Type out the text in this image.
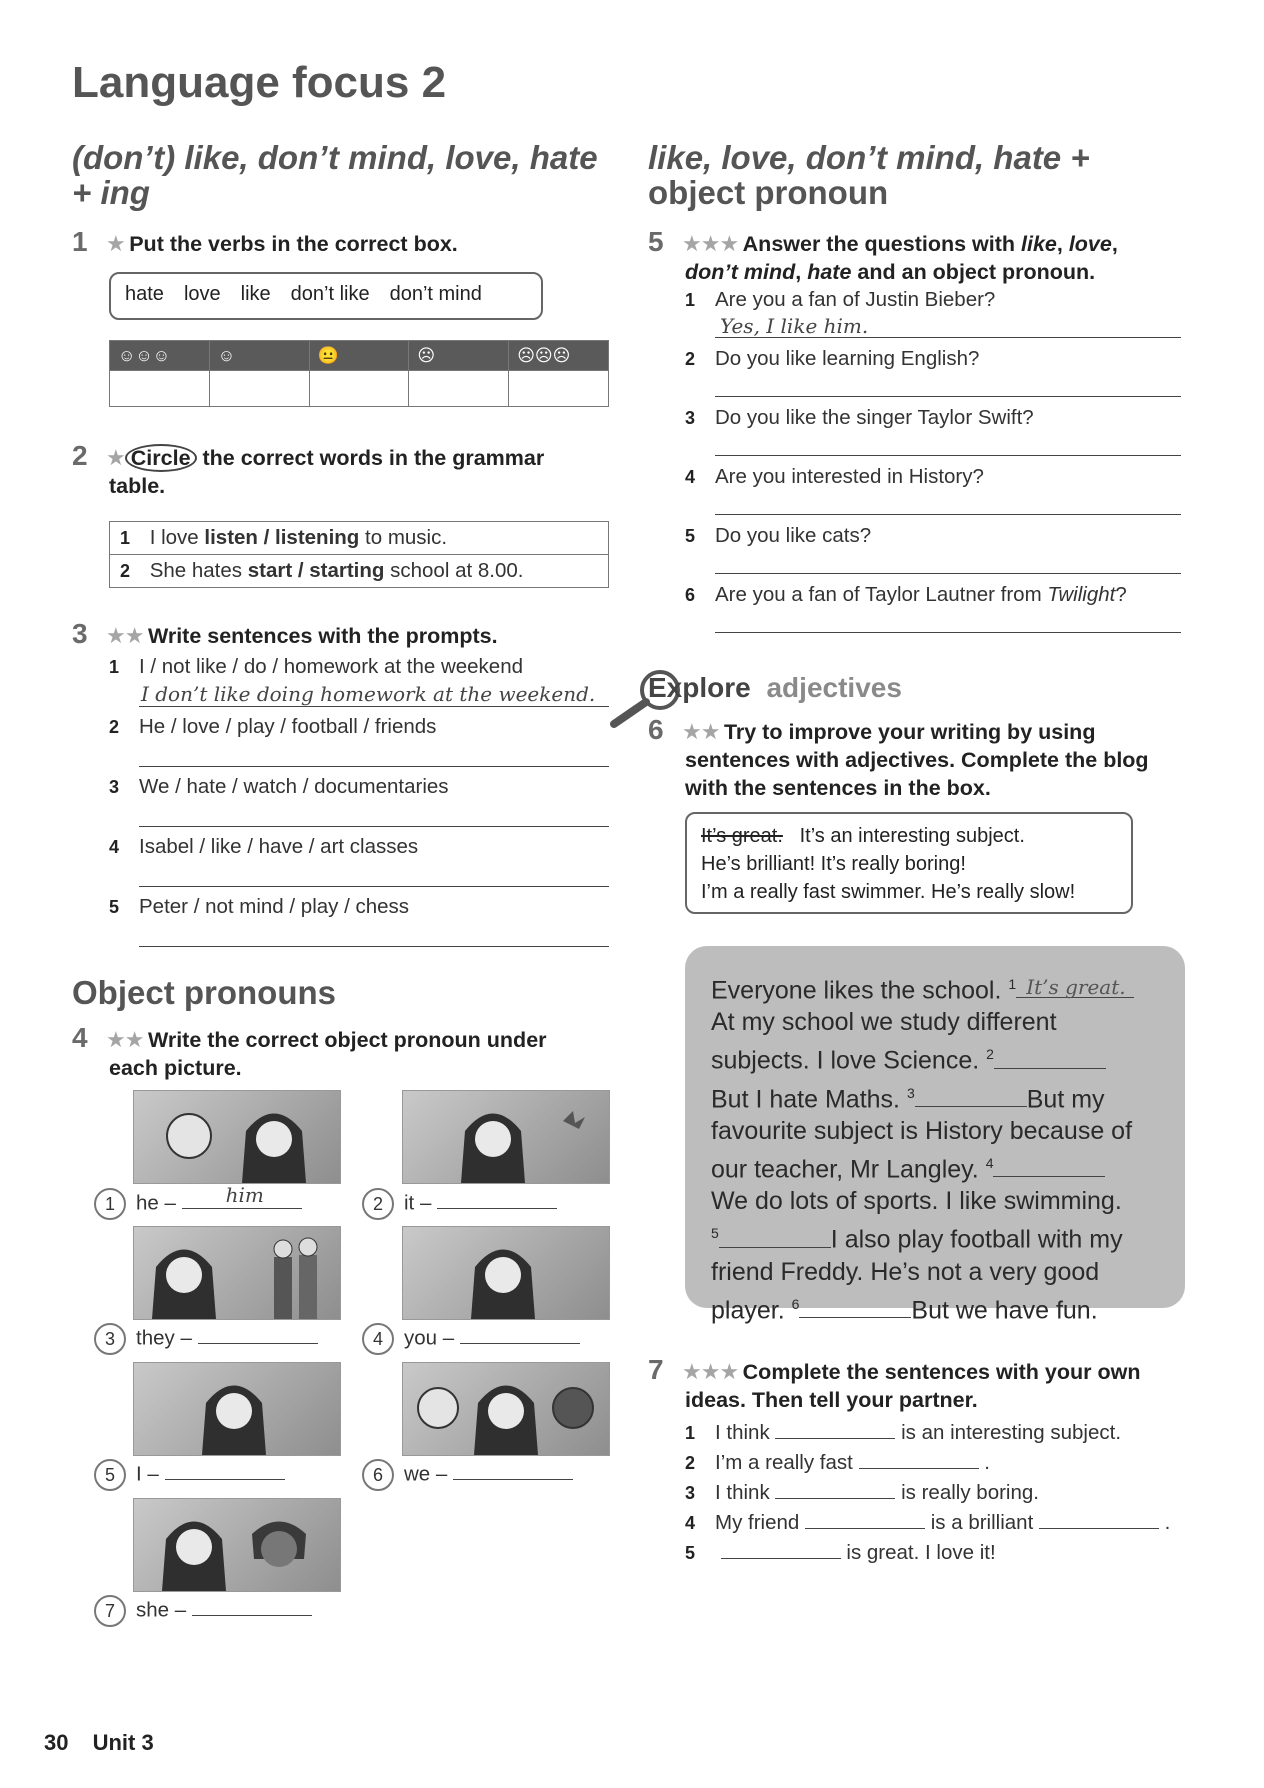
Language focus 2
(don’t) like, don’t mind, love, hate
+ ing
1 ★ Put the verbs in the correct box.
hate love like don’t like don’t mind
☺☺☺	☺	😐	☹	☹☹☹

2 ★ Circle the correct words in the grammar
table.
1 I love listen / listening to music.
2 She hates start / starting school at 8.00.
3 ★★ Write sentences with the prompts.
1 I / not like / do / homework at the weekend
I don’t like doing homework at the weekend.
2 He / love / play / football / friends
3 We / hate / watch / documentaries
4 Isabel / like / have / art classes
5 Peter / not mind / play / chess
Object pronouns
4 ★★ Write the correct object pronoun under
each picture.
1 he – him	2 it –
3 they –	4 you –
5 I –	6 we –
7 she –
like, love, don’t mind, hate +
object pronoun
5 ★★★ Answer the questions with like, love,
don’t mind, hate and an object pronoun.
1 Are you a fan of Justin Bieber?
Yes, I like him.
2 Do you like learning English?
3 Do you like the singer Taylor Swift?
4 Are you interested in History?
5 Do you like cats?
6 Are you a fan of Taylor Lautner from Twilight?
Explore adjectives
6 ★★ Try to improve your writing by using
sentences with adjectives. Complete the blog
with the sentences in the box.
It’s great. It’s an interesting subject.
He’s brilliant! It’s really boring!
I’m a really fast swimmer. He’s really slow!
Everyone likes the school. $^1$ It’s great.
At my school we study different
subjects. I love Science. $^2$
But I hate Maths. $^3$	But my
favourite subject is History because of
our teacher, Mr Langley. $^4$
We do lots of sports. I like swimming.
$^5$	I also play football with my
friend Freddy. He’s not a very good
player. $^6$	But we have fun.
7 ★★★ Complete the sentences with your own
ideas. Then tell your partner.
1 I think	is an interesting subject.
2 I’m a really fast	.
3 I think	is really boring.
4 My friend	is a brilliant	.
5	is great. I love it!
30 Unit 3
